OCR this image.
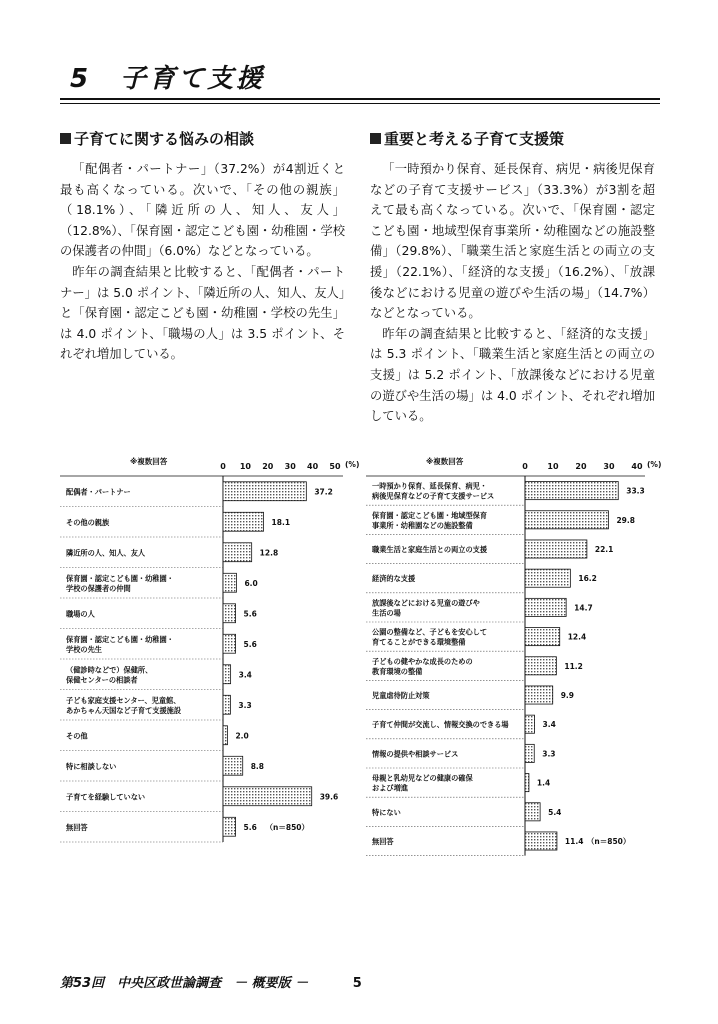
5　子育て支援
子育てに関する悩みの相談

「配偶者・パートナー」（37.2%）が4割近くと最も高くなっている。次いで、「その他の親族」（18.1%）、「隣近所の人、知人、友人」（12.8%）、「保育園・認定こども園・幼稚園・学校の保護者の仲間」（6.0%）などとなっている。

昨年の調査結果と比較すると、「配偶者・パートナー」は 5.0 ポイント、「隣近所の人、知人、友人」と「保育園・認定こども園・幼稚園・学校の先生」は 4.0 ポイント、「職場の人」は 3.5 ポイント、それぞれ増加している。

重要と考える子育て支援策

「一時預かり保育、延長保育、病児・病後児保育などの子育て支援サービス」（33.3%）が3割を超えて最も高くなっている。次いで、「保育園・認定こども園・地域型保育事業所・幼稚園などの施設整備」（29.8%）、「職業生活と家庭生活との両立の支援」（22.1%）、「経済的な支援」（16.2%）、「放課後などにおける児童の遊びや生活の場」（14.7%）などとなっている。

昨年の調査結果と比較すると、「経済的な支援」は 5.3 ポイント、「職業生活と家庭生活との両立の支援」は 5.2 ポイント、「放課後などにおける児童の遊びや生活の場」は 4.0 ポイント、それぞれ増加している。

※複数回答
0 10 20 30 40 50 (%)
配偶者・パートナー	37.2
その他の親族	18.1
隣近所の人、知人、友人	12.8
保育園・認定こども園・幼稚園・
学校の保護者の仲間
6.0
職場の人	5.6
保育園・認定こども園・幼稚園・
学校の先生
5.6
（健診時などで）保健所、
保健センターの相談者
3.4
子ども家庭支援センター、児童館、
あかちゃん天国など子育て支援施設
3.3
その他	2.0
特に相談しない	8.8
子育てを経験していない	39.6
無回答	5.6 （n＝850）
※複数回答
0 10 20 30 40 (%)
一時預かり保育、延長保育、病児・
病後児保育などの子育て支援サービス
33.3
保育園・認定こども園・地域型保育
事業所・幼稚園などの施設整備
29.8
職業生活と家庭生活との両立の支援	22.1
経済的な支援	16.2
放課後などにおける児童の遊びや
生活の場
14.7
公園の整備など、子どもを安心して
育てることができる環境整備
12.4
子どもの健やかな成長のための
教育環境の整備
11.2
児童虐待防止対策	9.9
子育て仲間が交流し、情報交換のできる場	3.4
情報の提供や相談サービス	3.3
母親と乳幼児などの健康の確保
および増進
1.4
特にない	5.4
無回答	11.4 （n＝850）
第53回　中央区政世論調査　－ 概要版 －	5
